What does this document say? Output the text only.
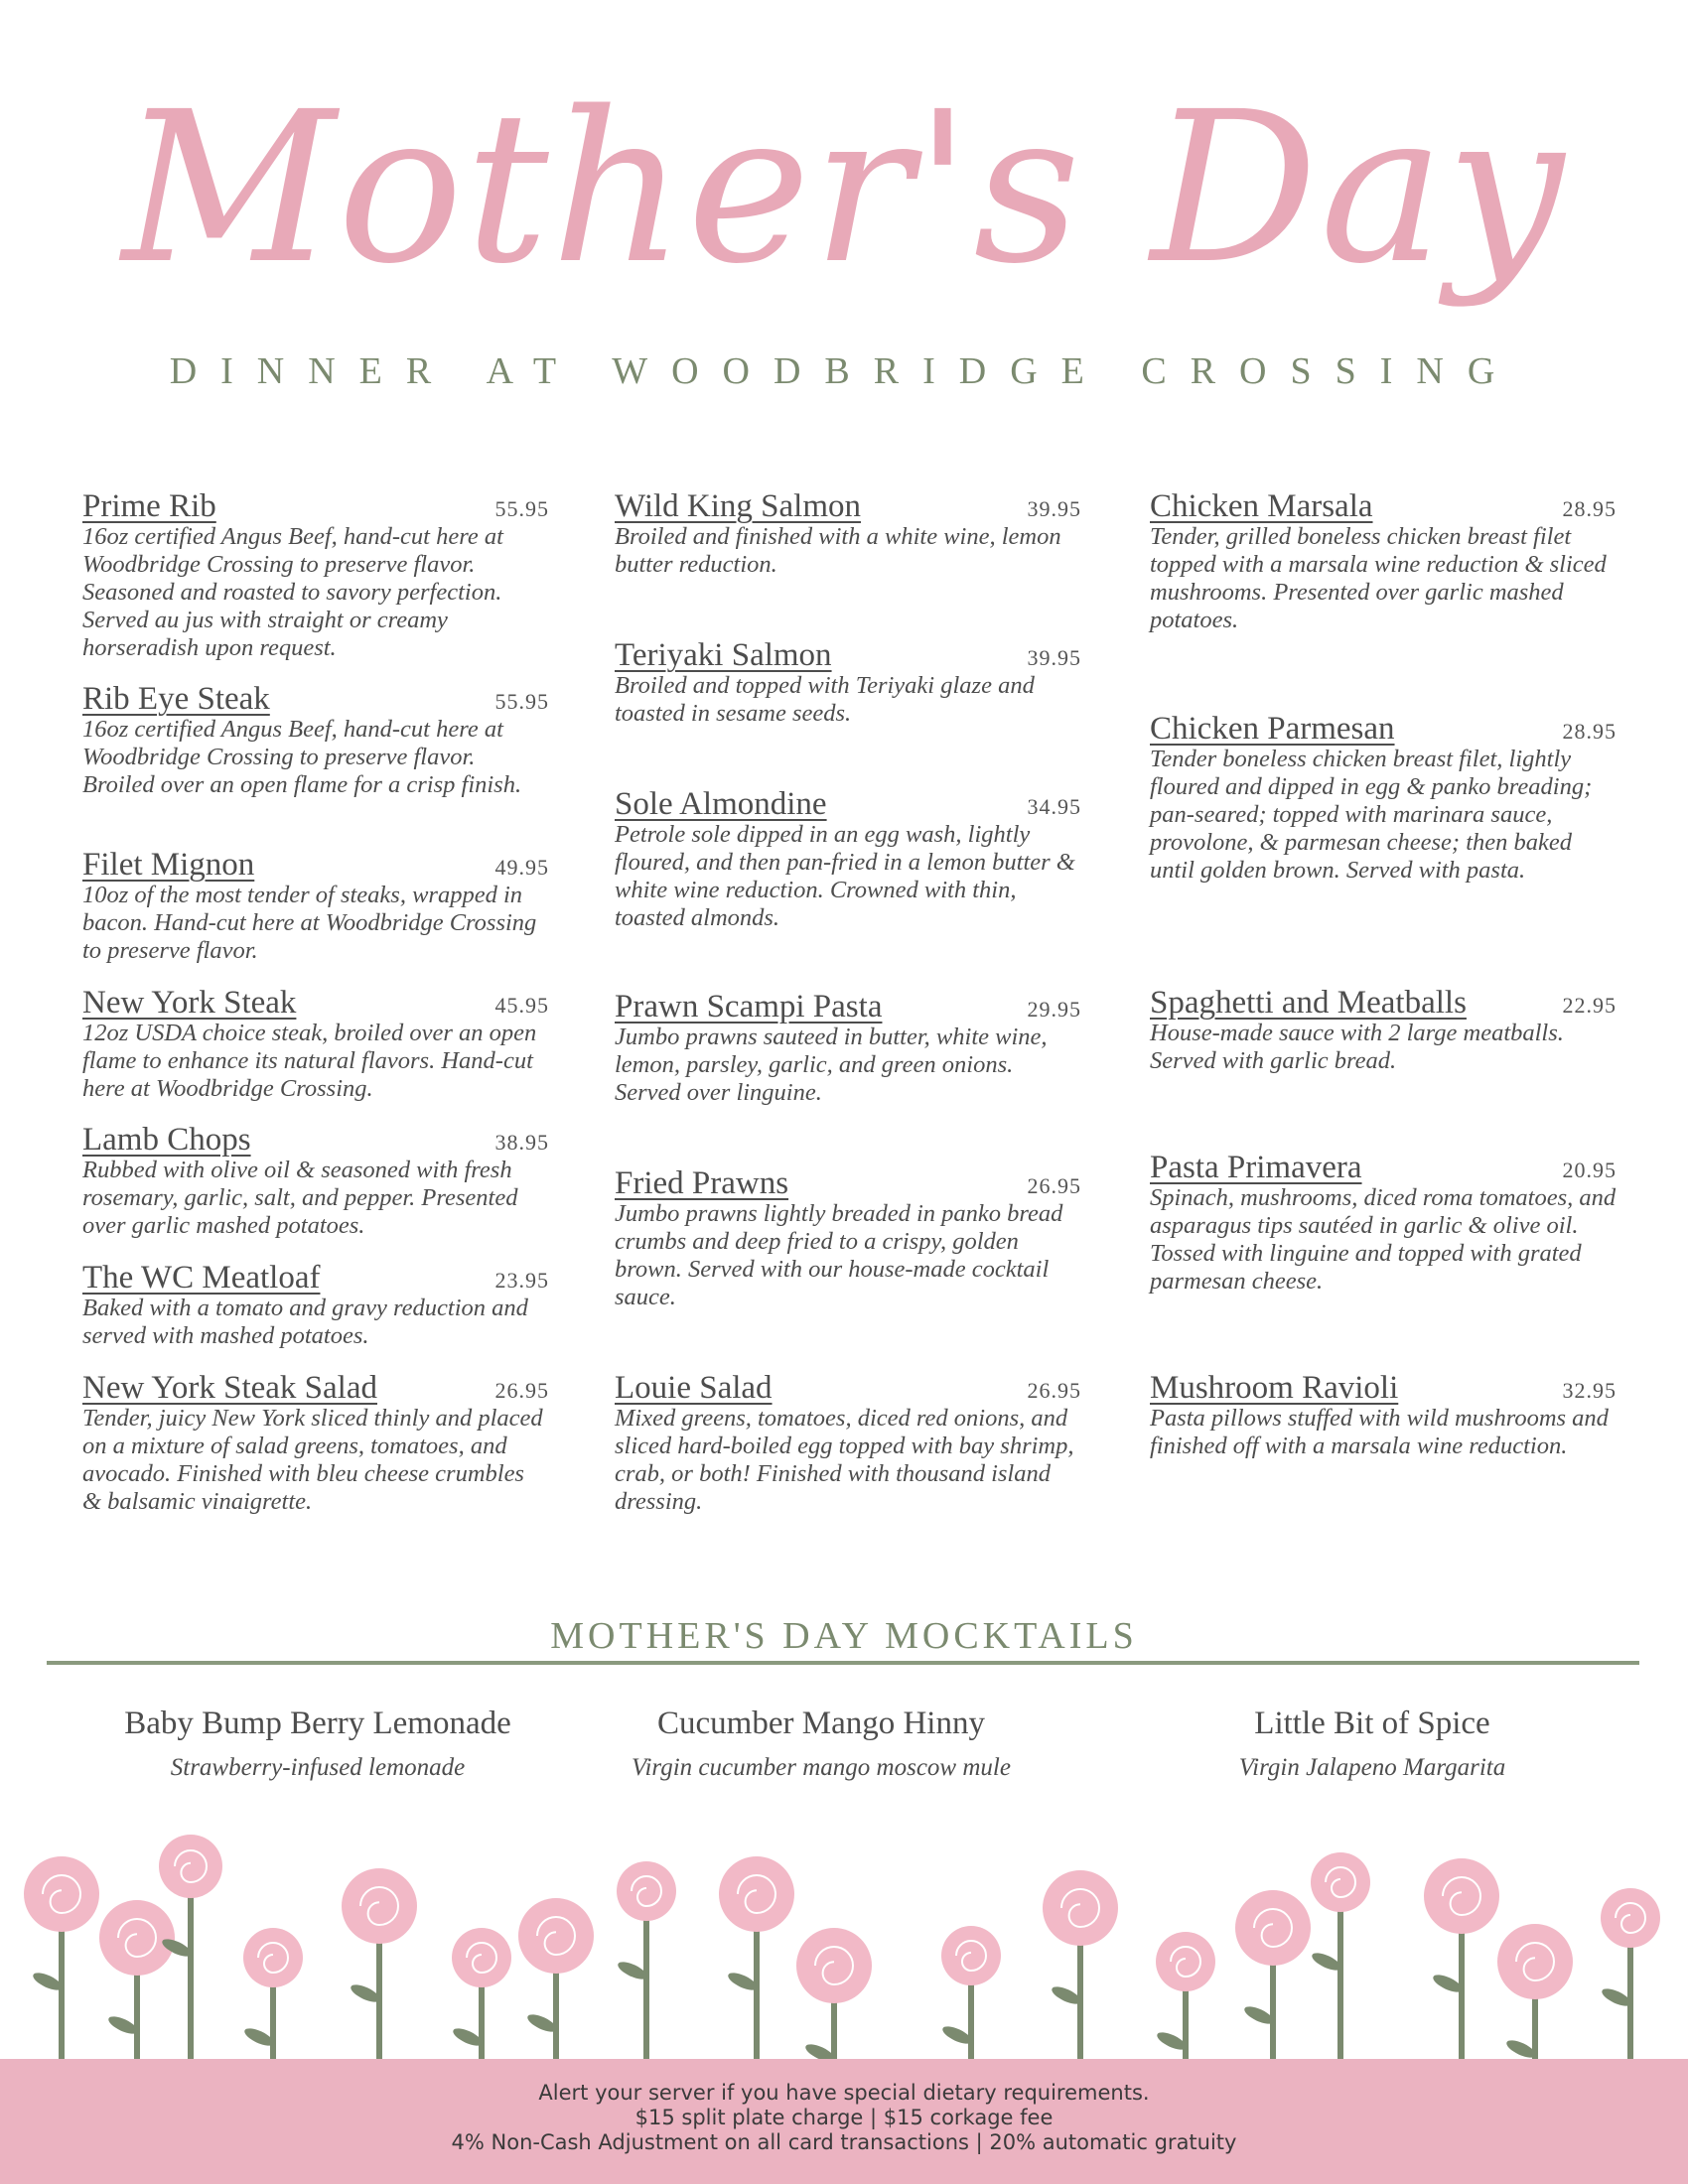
Mother's Day
DINNER AT WOODBRIDGE CROSSING
Prime Rib	55.95
16oz certified Angus Beef, hand-cut here at Woodbridge Crossing to preserve flavor. Seasoned and roasted to savory perfection. Served au jus with straight or creamy horseradish upon request.
Rib Eye Steak	55.95
16oz certified Angus Beef, hand-cut here at Woodbridge Crossing to preserve flavor. Broiled over an open flame for a crisp finish.
Filet Mignon	49.95
10oz of the most tender of steaks, wrapped in bacon. Hand-cut here at Woodbridge Crossing to preserve flavor.
New York Steak	45.95
12oz USDA choice steak, broiled over an open flame to enhance its natural flavors. Hand-cut here at Woodbridge Crossing.
Lamb Chops	38.95
Rubbed with olive oil & seasoned with fresh rosemary, garlic, salt, and pepper. Presented over garlic mashed potatoes.
The WC Meatloaf	23.95
Baked with a tomato and gravy reduction and served with mashed potatoes.
New York Steak Salad	26.95
Tender, juicy New York sliced thinly and placed on a mixture of salad greens, tomatoes, and avocado. Finished with bleu cheese crumbles & balsamic vinaigrette.
Wild King Salmon	39.95
Broiled and finished with a white wine, lemon butter reduction.
Teriyaki Salmon	39.95
Broiled and topped with Teriyaki glaze and toasted in sesame seeds.
Sole Almondine	34.95
Petrole sole dipped in an egg wash, lightly floured, and then pan-fried in a lemon butter & white wine reduction. Crowned with thin, toasted almonds.
Prawn Scampi Pasta	29.95
Jumbo prawns sauteed in butter, white wine, lemon, parsley, garlic, and green onions. Served over linguine.
Fried Prawns	26.95
Jumbo prawns lightly breaded in panko bread crumbs and deep fried to a crispy, golden brown. Served with our house-made cocktail sauce.
Louie Salad	26.95
Mixed greens, tomatoes, diced red onions, and sliced hard-boiled egg topped with bay shrimp, crab, or both! Finished with thousand island dressing.
Chicken Marsala	28.95
Tender, grilled boneless chicken breast filet topped with a marsala wine reduction & sliced mushrooms. Presented over garlic mashed potatoes.
Chicken Parmesan	28.95
Tender boneless chicken breast filet, lightly floured and dipped in egg & panko breading; pan-seared; topped with marinara sauce, provolone, & parmesan cheese; then baked until golden brown. Served with pasta.
Spaghetti and Meatballs	22.95
House-made sauce with 2 large meatballs. Served with garlic bread.
Pasta Primavera	20.95
Spinach, mushrooms, diced roma tomatoes, and asparagus tips sautéed in garlic & olive oil. Tossed with linguine and topped with grated parmesan cheese.
Mushroom Ravioli	32.95
Pasta pillows stuffed with wild mushrooms and finished off with a marsala wine reduction.
MOTHER'S DAY MOCKTAILS
Baby Bump Berry Lemonade
Strawberry-infused lemonade
Cucumber Mango Hinny
Virgin cucumber mango moscow mule
Little Bit of Spice
Virgin Jalapeno Margarita
Alert your server if you have special dietary requirements.
$15 split plate charge | $15 corkage fee
4% Non-Cash Adjustment on all card transactions | 20% automatic gratuity
